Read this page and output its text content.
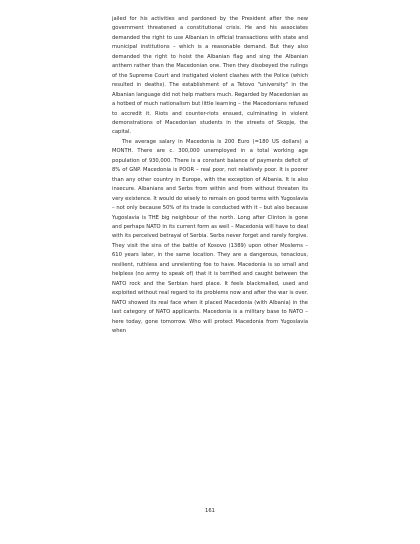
jailed for his activities and pardoned by the President after the new government threatened a constitutional crisis. He and his associates demanded the right to use Albanian in official transactions with state and municipal institutions – which is a reasonable demand. But they also demanded the right to hoist the Albanian flag and sing the Albanian anthem rather than the Macedonian one. Then they disobeyed the rulings of the Supreme Court and instigated violent clashes with the Police (which resulted in deaths). The establishment of a Tetovo "university" in the Albanian language did not help matters much. Regarded by Macedonian as a hotbed of much nationalism but little learning – the Macedonians refused to accredit it. Riots and counter-riots ensued, culminating in violent demonstrations of Macedonian students in the streets of Skopje, the capital.

The average salary in Macedonia is 200 Euro (=180 US dollars) a MONTH. There are c. 300,000 unemployed in a total working age population of 930,000. There is a constant balance of payments deficit of 8% of GNP. Macedonia is POOR – real poor, not relatively poor. It is poorer than any other country in Europe, with the exception of Albania. It is also insecure. Albanians and Serbs from within and from without threaten its very existence. It would do wisely to remain on good terms with Yugoslavia – not only because 50% of its trade is conducted with it – but also because Yugoslavia is THE big neighbour of the north. Long after Clinton is gone and perhaps NATO in its current form as well – Macedonia will have to deal with its perceived betrayal of Serbia. Serbs never forget and rarely forgive. They visit the sins of the battle of Kosovo (1389) upon other Moslems – 610 years later, in the same location. They are a dangerous, tenacious, resilient, ruthless and unrelenting foe to have. Macedonia is so small and helpless (no army to speak of) that it is terrified and caught between the NATO rock and the Serbian hard place. It feels blackmailed, used and exploited without real regard to its problems now and after the war is over. NATO showed its real face when it placed Macedonia (with Albania) in the last category of NATO applicants. Macedonia is a military base to NATO – here today, gone tomorrow. Who will protect Macedonia from Yugoslavia when

161
